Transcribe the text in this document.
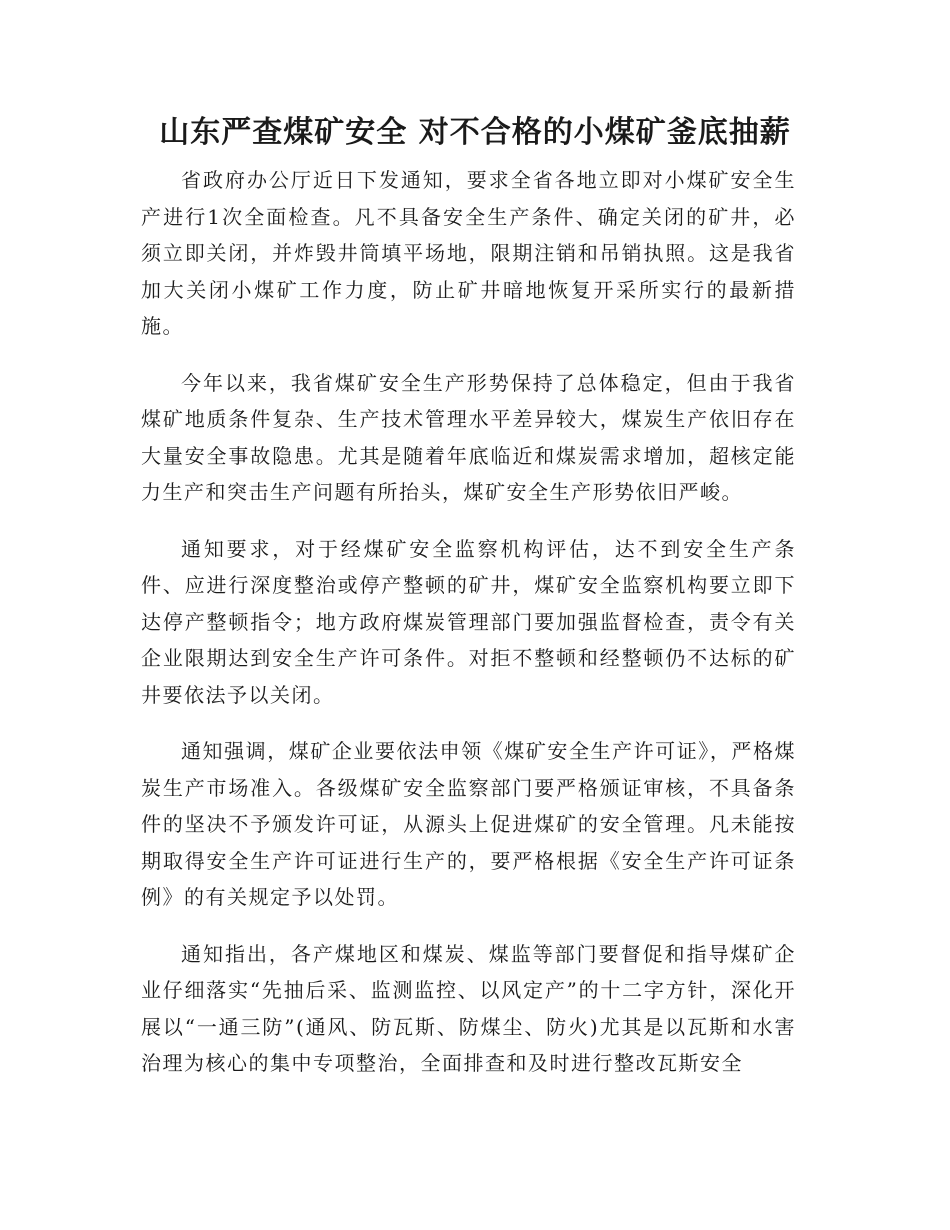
山东严查煤矿安全 对不合格的小煤矿釜底抽薪

省政府办公厅近日下发通知，要求全省各地立即对小煤矿安全生产进行1次全面检查。凡不具备安全生产条件、确定关闭的矿井，必须立即关闭，并炸毁井筒填平场地，限期注销和吊销执照。这是我省加大关闭小煤矿工作力度，防止矿井暗地恢复开采所实行的最新措施。

今年以来，我省煤矿安全生产形势保持了总体稳定，但由于我省煤矿地质条件复杂、生产技术管理水平差异较大，煤炭生产依旧存在大量安全事故隐患。尤其是随着年底临近和煤炭需求增加，超核定能力生产和突击生产问题有所抬头，煤矿安全生产形势依旧严峻。

通知要求，对于经煤矿安全监察机构评估，达不到安全生产条件、应进行深度整治或停产整顿的矿井，煤矿安全监察机构要立即下达停产整顿指令；地方政府煤炭管理部门要加强监督检查，责令有关企业限期达到安全生产许可条件。对拒不整顿和经整顿仍不达标的矿井要依法予以关闭。

通知强调，煤矿企业要依法申领《煤矿安全生产许可证》，严格煤炭生产市场准入。各级煤矿安全监察部门要严格颁证审核，不具备条件的坚决不予颁发许可证，从源头上促进煤矿的安全管理。凡未能按期取得安全生产许可证进行生产的，要严格根据《安全生产许可证条例》的有关规定予以处罚。

通知指出，各产煤地区和煤炭、煤监等部门要督促和指导煤矿企业仔细落实“先抽后采、监测监控、以风定产”的十二字方针，深化开展以“一通三防”(通风、防瓦斯、防煤尘、防火)尤其是以瓦斯和水害治理为核心的集中专项整治，全面排查和及时进行整改瓦斯安全
